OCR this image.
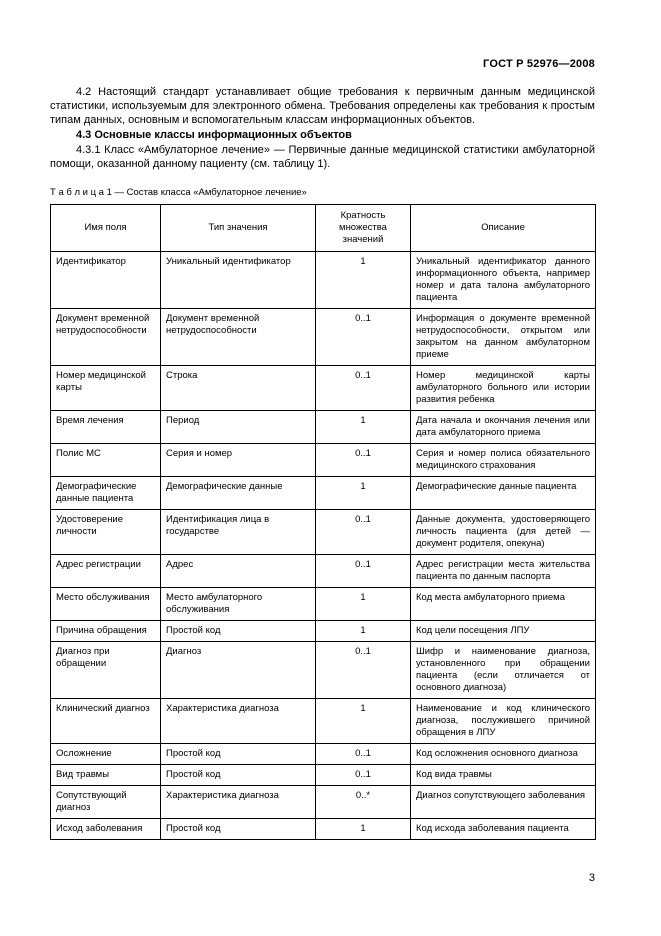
ГОСТ Р 52976—2008

4.2 Настоящий стандарт устанавливает общие требования к первичным данным медицинской статистики, используемым для электронного обмена. Требования определены как требования к простым типам данных, основным и вспомогательным классам информационных объектов.

4.3 Основные классы информационных объектов

4.3.1 Класс «Амбулаторное лечение» — Первичные данные медицинской статистики амбулаторной помощи, оказанной данному пациенту (см. таблицу 1).

Т а б л и ц а 1 — Состав класса «Амбулаторное лечение»
Имя поля	Тип значения	Кратность множества значений	Описание
Идентификатор	Уникальный идентификатор	1	Уникальный идентификатор данного информационного объекта, например номер и дата талона амбулаторного пациента
Документ временной нетрудоспособности	Документ временной нетрудоспособности	0..1	Информация о документе временной нетрудоспособности, открытом или закрытом на данном амбулаторном приеме
Номер медицинской карты	Строка	0..1	Номер медицинской карты амбулаторного больного или истории развития ребенка
Время лечения	Период	1	Дата начала и окончания лечения или дата амбулаторного приема
Полис МС	Серия и номер	0..1	Серия и номер полиса обязательного медицинского страхования
Демографические данные пациента	Демографические данные	1	Демографические данные пациента
Удостоверение личности	Идентификация лица в государстве	0..1	Данные документа, удостоверяющего личность пациента (для детей — документ родителя, опекуна)
Адрес регистрации	Адрес	0..1	Адрес регистрации места жительства пациента по данным паспорта
Место обслуживания	Место амбулаторного обслуживания	1	Код места амбулаторного приема
Причина обращения	Простой код	1	Код цели посещения ЛПУ
Диагноз при обращении	Диагноз	0..1	Шифр и наименование диагноза, установленного при обращении пациента (если отличается от основного диагноза)
Клинический диагноз	Характеристика диагноза	1	Наименование и код клинического диагноза, послужившего причиной обращения в ЛПУ
Осложнение	Простой код	0..1	Код осложнения основного диагноза
Вид травмы	Простой код	0..1	Код вида травмы
Сопутствующий диагноз	Характеристика диагноза	0..*	Диагноз сопутствующего заболевания
Исход заболевания	Простой код	1	Код исхода заболевания пациента
3
